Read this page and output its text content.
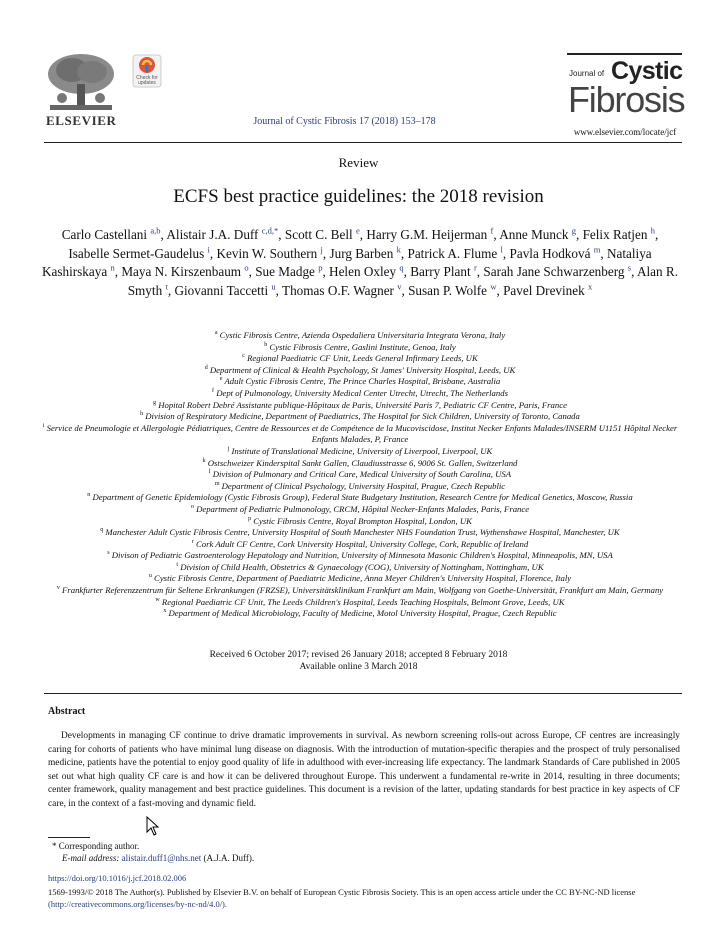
ELSEVIER
Check for updates
Journal of Cystic Fibrosis 17 (2018) 153–178
Journal of Cystic
Fibrosis
www.elsevier.com/locate/jcf
Review
ECFS best practice guidelines: the 2018 revision
Carlo Castellani $^{a,b}$, Alistair J.A. Duff $^{c,d,*}$, Scott C. Bell $^e$, Harry G.M. Heijerman $^f$, Anne Munck $^g$, Felix Ratjen $^h$, Isabelle Sermet-Gaudelus $^i$, Kevin W. Southern $^j$, Jurg Barben $^k$, Patrick A. Flume $^l$, Pavla Hodková $^m$, Nataliya Kashirskaya $^n$, Maya N. Kirszenbaum $^o$, Sue Madge $^p$, Helen Oxley $^q$, Barry Plant $^r$, Sarah Jane Schwarzenberg $^s$, Alan R. Smyth $^t$, Giovanni Taccetti $^u$, Thomas O.F. Wagner $^v$, Susan P. Wolfe $^w$, Pavel Drevinek $^x$
$^a$ Cystic Fibrosis Centre, Azienda Ospedaliera Universitaria Integrata Verona, Italy
$^b$ Cystic Fibrosis Centre, Gaslini Institute, Genoa, Italy
$^c$ Regional Paediatric CF Unit, Leeds General Infirmary Leeds, UK
$^d$ Department of Clinical & Health Psychology, St James' University Hospital, Leeds, UK
$^e$ Adult Cystic Fibrosis Centre, The Prince Charles Hospital, Brisbane, Australia
$^f$ Dept of Pulmonology, University Medical Center Utrecht, Utrecht, The Netherlands
$^g$ Hopital Robert Debré Assistante publique-Hôpitaux de Paris, Université Paris 7, Pediatric CF Centre, Paris, France
$^h$ Division of Respiratory Medicine, Department of Paediatrics, The Hospital for Sick Children, University of Toronto, Canada
$^i$ Service de Pneumologie et Allergologie Pédiatriques, Centre de Ressources et de Compétence de la Mucoviscidose, Institut Necker Enfants Malades/INSERM U1151 Hôpital Necker Enfants Malades, P, France
$^j$ Institute of Translational Medicine, University of Liverpool, Liverpool, UK
$^k$ Ostschweizer Kinderspital Sankt Gallen, Claudiusstrasse 6, 9006 St. Gallen, Switzerland
$^l$ Division of Pulmonary and Critical Care, Medical University of South Carolina, USA
$^m$ Department of Clinical Psychology, University Hospital, Prague, Czech Republic
$^n$ Department of Genetic Epidemiology (Cystic Fibrosis Group), Federal State Budgetary Institution, Research Centre for Medical Genetics, Moscow, Russia
$^o$ Department of Pediatric Pulmonology, CRCM, Hôpital Necker-Enfants Malades, Paris, France
$^p$ Cystic Fibrosis Centre, Royal Brompton Hospital, London, UK
$^q$ Manchester Adult Cystic Fibrosis Centre, University Hospital of South Manchester NHS Foundation Trust, Wythenshawe Hospital, Manchester, UK
$^r$ Cork Adult CF Centre, Cork University Hospital, University College, Cork, Republic of Ireland
$^s$ Divison of Pediatric Gastroenterology Hepatology and Nutrition, University of Minnesota Masonic Children's Hospital, Minneapolis, MN, USA
$^t$ Division of Child Health, Obstetrics & Gynaecology (COG), University of Nottingham, Nottingham, UK
$^u$ Cystic Fibrosis Centre, Department of Paediatric Medicine, Anna Meyer Children's University Hospital, Florence, Italy
$^v$ Frankfurter Referenzzentrum für Seltene Erkrankungen (FRZSE), Universitätsklinikum Frankfurt am Main, Wolfgang von Goethe-Universität, Frankfurt am Main, Germany
$^w$ Regional Paediatric CF Unit, The Leeds Children's Hospital, Leeds Teaching Hospitals, Belmont Grove, Leeds, UK
$^x$ Department of Medical Microbiology, Faculty of Medicine, Motol University Hospital, Prague, Czech Republic
Received 6 October 2017; revised 26 January 2018; accepted 8 February 2018
Available online 3 March 2018
Abstract
Developments in managing CF continue to drive dramatic improvements in survival. As newborn screening rolls-out across Europe, CF centres are increasingly caring for cohorts of patients who have minimal lung disease on diagnosis. With the introduction of mutation-specific therapies and the prospect of truly personalised medicine, patients have the potential to enjoy good quality of life in adulthood with ever-increasing life expectancy. The landmark Standards of Care published in 2005 set out what high quality CF care is and how it can be delivered throughout Europe. This underwent a fundamental re-write in 2014, resulting in three documents; center framework, quality management and best practice guidelines. This document is a revision of the latter, updating standards for best practice in key aspects of CF care, in the context of a fast-moving and dynamic field.
* Corresponding author.
E-mail address: alistair.duff1@nhs.net (A.J.A. Duff).
https://doi.org/10.1016/j.jcf.2018.02.006
1569-1993/© 2018 The Author(s). Published by Elsevier B.V. on behalf of European Cystic Fibrosis Society. This is an open access article under the CC BY-NC-ND license (http://creativecommons.org/licenses/by-nc-nd/4.0/).
